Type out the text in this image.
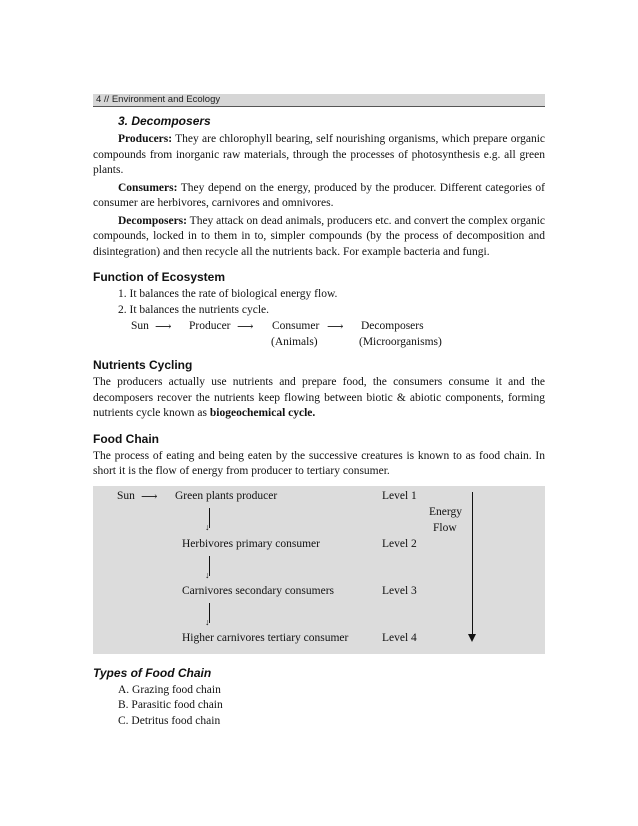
4 // Environment and Ecology
3. Decomposers

Producers: They are chlorophyll bearing, self nourishing organisms, which prepare organic compounds from inorganic raw materials, through the processes of photosynthesis e.g. all green plants.

Consumers: They depend on the energy, produced by the producer. Different categories of consumer are herbivores, carnivores and omnivores.

Decomposers: They attack on dead animals, producers etc. and convert the complex organic compounds, locked in to them in to, simpler compounds (by the process of decomposition and disintegration) and then recycle all the nutrients back. For example bacteria and fungi.

Function of Ecosystem
1. It balances the rate of biological energy flow.
2. It balances the nutrients cycle.
Sun ⟶ Producer ⟶ Consumer ⟶ Decomposers
(Animals)	(Microorganisms)
Nutrients Cycling

The producers actually use nutrients and prepare food, the consumers consume it and the decomposers recover the nutrients keep flowing between biotic & abiotic components, forming nutrients cycle known as biogeochemical cycle.

Food Chain

The process of eating and being eaten by the successive creatures is known to as food chain. In short it is the flow of energy from producer to tertiary consumer.

Sun ⟶ Green plants producer	Level 1
↓
Herbivores primary consumer	Level 2
↓
Carnivores secondary consumers	Level 3
↓
Higher carnivores tertiary consumer	Level 4
Energy
Flow
Types of Food Chain
A. Grazing food chain
B. Parasitic food chain
C. Detritus food chain
